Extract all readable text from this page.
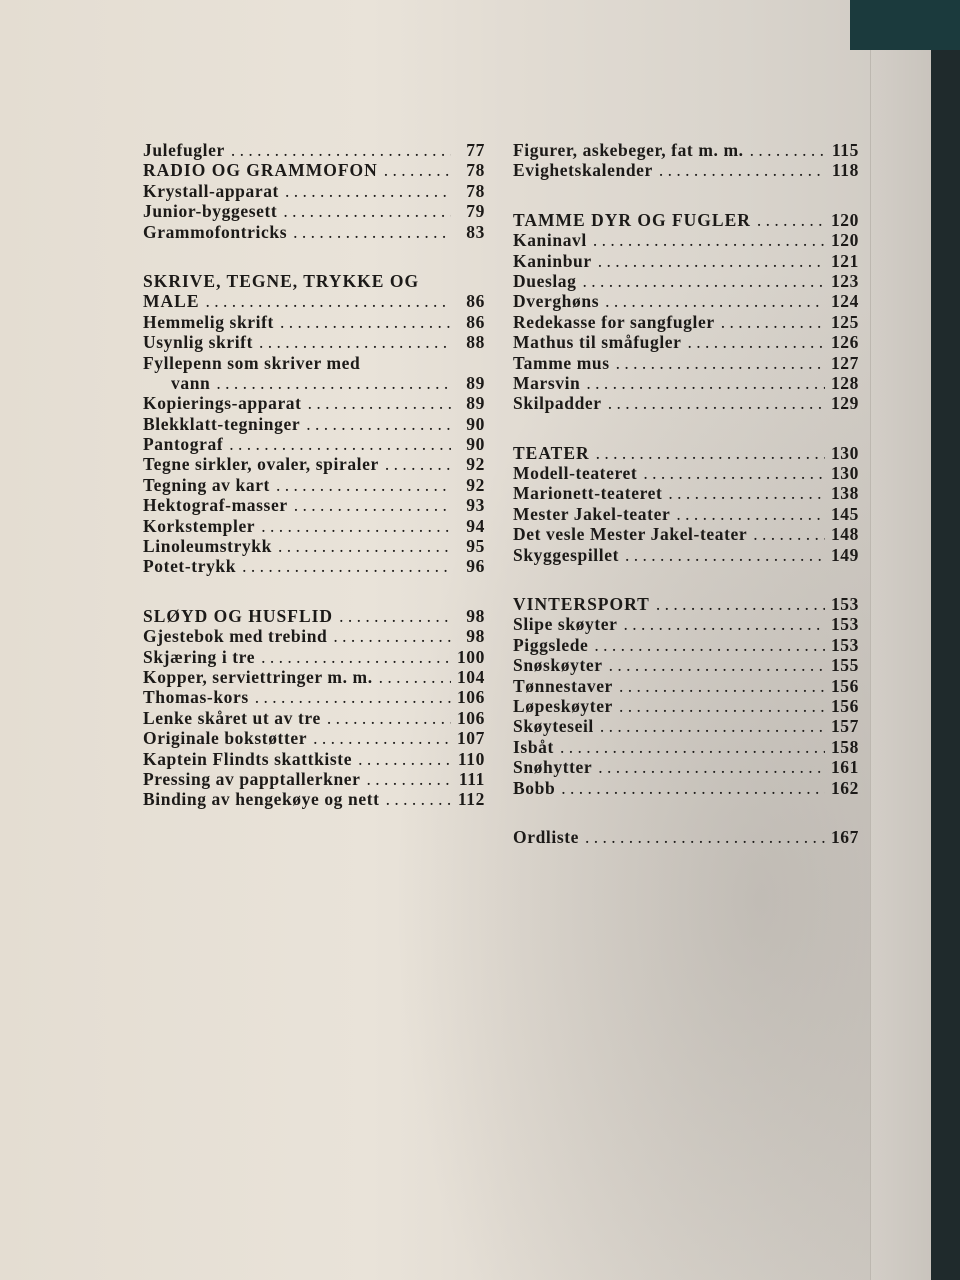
Julefugler . . .	77
RADIO OG GRAMMOFON . . .	78
Krystall-apparat . . .	78
Junior-byggesett . . .	79
Grammofontricks . . .	83
SKRIVE, TEGNE, TRYKKE OG
MALE . . .	86
Hemmelig skrift . . .	86
Usynlig skrift . . .	88
Fyllepenn som skriver med
vann . . .	89
Kopierings-apparat . . .	89
Blekklatt-tegninger . . .	90
Pantograf . . .	90
Tegne sirkler, ovaler, spiraler . . .	92
Tegning av kart . . .	92
Hektograf-masser . . .	93
Korkstempler . . .	94
Linoleumstrykk . . .	95
Potet-trykk . . .	96
SLØYD OG HUSFLID . . .	98
Gjestebok med trebind . . .	98
Skjæring i tre . . .	100
Kopper, serviettringer m. m. . . .	104
Thomas-kors . . .	106
Lenke skåret ut av tre . . .	106
Originale bokstøtter . . .	107
Kaptein Flindts skattkiste . . .	110
Pressing av papptallerkner . . .	111
Binding av hengekøye og nett . . .	112
Figurer, askebeger, fat m. m. . . .	115
Evighetskalender . . .	118
TAMME DYR OG FUGLER . . .	120
Kaninavl . . .	120
Kaninbur . . .	121
Dueslag . . .	123
Dverghøns . . .	124
Redekasse for sangfugler . . .	125
Mathus til småfugler . . .	126
Tamme mus . . .	127
Marsvin . . .	128
Skilpadder . . .	129
TEATER . . .	130
Modell-teateret . . .	130
Marionett-teateret . . .	138
Mester Jakel-teater . . .	145
Det vesle Mester Jakel-teater . . .	148
Skyggespillet . . .	149
VINTERSPORT . . .	153
Slipe skøyter . . .	153
Piggslede . . .	153
Snøskøyter . . .	155
Tønnestaver . . .	156
Løpeskøyter . . .	156
Skøyteseil . . .	157
Isbåt . . .	158
Snøhytter . . .	161
Bobb . . .	162
Ordliste . . .	167
